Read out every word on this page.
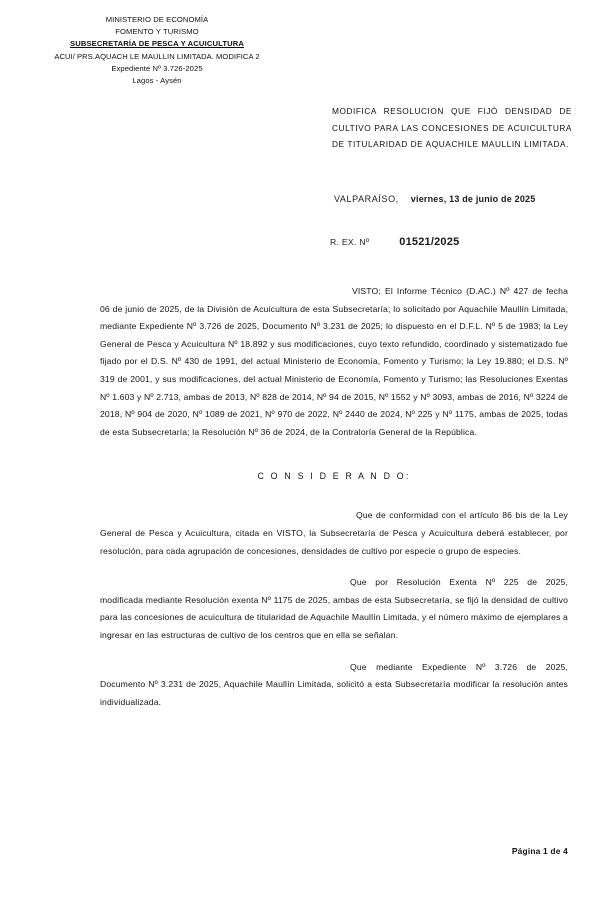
MINISTERIO DE ECONOMÍA
FOMENTO Y TURISMO
SUBSECRETARÍA DE PESCA Y ACUICULTURA
ACUI/ PRS.AQUACH LE MAULLIN LIMITADA. MODIFICA 2
Expediente Nº 3.726-2025
Lagos - Aysén
MODIFICA RESOLUCION QUE FIJÓ DENSIDAD DE CULTIVO PARA LAS CONCESIONES DE ACUICULTURA DE TITULARIDAD DE AQUACHILE MAULLIN LIMITADA.
VALPARAÍSO, viernes, 13 de junio de 2025
R. EX. Nº	01521/2025

VISTO: El Informe Técnico (D.AC.) Nº 427 de fecha 06 de junio de 2025, de la División de Acuicultura de esta Subsecretaría; lo solicitado por Aquachile Maullín Limitada, mediante Expediente Nº 3.726 de 2025, Documento Nº 3.231 de 2025; lo dispuesto en el D.F.L. Nº 5 de 1983; la Ley General de Pesca y Acuicultura Nº 18.892 y sus modificaciones, cuyo texto refundido, coordinado y sistematizado fue fijado por el D.S. Nº 430 de 1991, del actual Ministerio de Economía, Fomento y Turismo; la Ley 19.880; el D.S. Nº 319 de 2001, y sus modificaciones, del actual Ministerio de Economía, Fomento y Turismo; las Resoluciones Exentas Nº 1.603 y Nº 2.713, ambas de 2013, Nº 828 de 2014, Nº 94 de 2015, Nº 1552 y Nº 3093, ambas de 2016, Nº 3224 de 2018, Nº 904 de 2020, Nº 1089 de 2021, Nº 970 de 2022, Nº 2440 de 2024, Nº 225 y Nº 1175, ambas de 2025, todas de esta Subsecretaría; la Resolución Nº 36 de 2024, de la Contraloría General de la República.

C O N S I D E R A N D O:

Que de conformidad con el artículo 86 bis de la Ley General de Pesca y Acuicultura, citada en VISTO, la Subsecretaría de Pesca y Acuicultura deberá establecer, por resolución, para cada agrupación de concesiones, densidades de cultivo por especie o grupo de especies.

Que por Resolución Exenta Nº 225 de 2025, modificada mediante Resolución exenta Nº 1175 de 2025, ambas de esta Subsecretaría, se fijó la densidad de cultivo para las concesiones de acuicultura de titularidad de Aquachile Maullín Limitada, y el número máximo de ejemplares a ingresar en las estructuras de cultivo de los centros que en ella se señalan.

Que mediante Expediente Nº 3.726 de 2025, Documento Nº 3.231 de 2025, Aquachile Maullín Limitada, solicitó a esta Subsecretaría modificar la resolución antes individualizada.

Página 1 de 4
